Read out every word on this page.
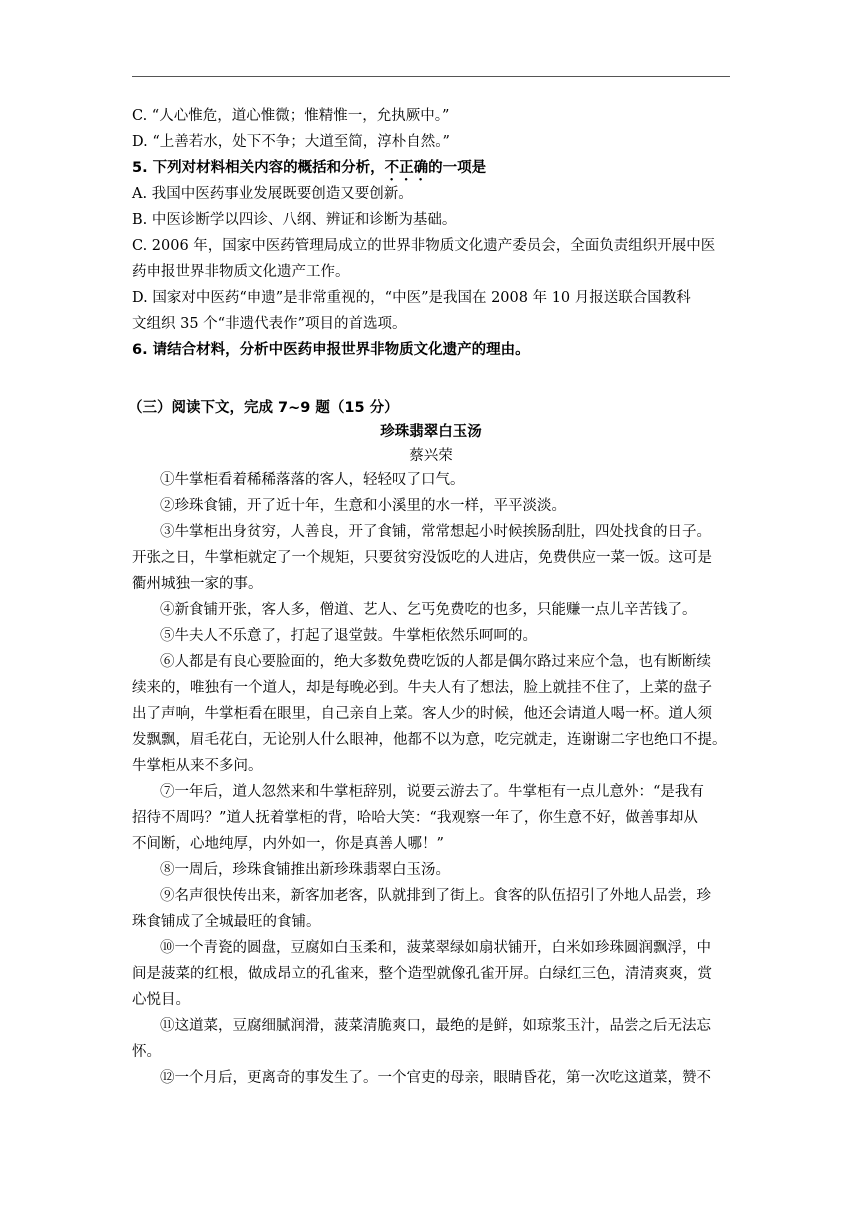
C. “人心惟危，道心惟微；惟精惟一，允执厥中。”
D. “上善若水，处下不争；大道至简，淳朴自然。”
5. 下列对材料相关内容的概括和分析，不正确的一项是
A. 我国中医药事业发展既要创造又要创新。
B. 中医诊断学以四诊、八纲、辨证和诊断为基础。
C. 2006 年，国家中医药管理局成立的世界非物质文化遗产委员会，全面负责组织开展中医
药申报世界非物质文化遗产工作。
D. 国家对中医药“申遗”是非常重视的，“中医”是我国在 2008 年 10 月报送联合国教科
文组织 35 个“非遗代表作”项目的首选项。
6. 请结合材料，分析中医药申报世界非物质文化遗产的理由。
（三）阅读下文，完成 7~9 题（15 分）
珍珠翡翠白玉汤
蔡兴荣
①牛掌柜看着稀稀落落的客人，轻轻叹了口气。
②珍珠食铺，开了近十年，生意和小溪里的水一样，平平淡淡。
③牛掌柜出身贫穷，人善良，开了食铺，常常想起小时候挨肠刮肚，四处找食的日子。
开张之日，牛掌柜就定了一个规矩，只要贫穷没饭吃的人进店，免费供应一菜一饭。这可是
衢州城独一家的事。
④新食铺开张，客人多，僧道、艺人、乞丐免费吃的也多，只能赚一点儿辛苦钱了。
⑤牛夫人不乐意了，打起了退堂鼓。牛掌柜依然乐呵呵的。
⑥人都是有良心要脸面的，绝大多数免费吃饭的人都是偶尔路过来应个急，也有断断续
续来的，唯独有一个道人，却是每晚必到。牛夫人有了想法，脸上就挂不住了，上菜的盘子
出了声响，牛掌柜看在眼里，自己亲自上菜。客人少的时候，他还会请道人喝一杯。道人须
发飘飘，眉毛花白，无论别人什么眼神，他都不以为意，吃完就走，连谢谢二字也绝口不提。
牛掌柜从来不多问。
⑦一年后，道人忽然来和牛掌柜辞别，说要云游去了。牛掌柜有一点儿意外：“是我有
招待不周吗？”道人抚着掌柜的背，哈哈大笑：“我观察一年了，你生意不好，做善事却从
不间断，心地纯厚，内外如一，你是真善人哪！”
⑧一周后，珍珠食铺推出新珍珠翡翠白玉汤。
⑨名声很快传出来，新客加老客，队就排到了街上。食客的队伍招引了外地人品尝，珍
珠食铺成了全城最旺的食铺。
⑩一个青瓷的圆盘，豆腐如白玉柔和，菠菜翠绿如扇状铺开，白米如珍珠圆润飘浮，中
间是菠菜的红根，做成昂立的孔雀来，整个造型就像孔雀开屏。白绿红三色，清清爽爽，赏
心悦目。
⑪这道菜，豆腐细腻润滑，菠菜清脆爽口，最绝的是鲜，如琼浆玉汁，品尝之后无法忘
怀。
⑫一个月后，更离奇的事发生了。一个官吏的母亲，眼睛昏花，第一次吃这道菜，赞不
